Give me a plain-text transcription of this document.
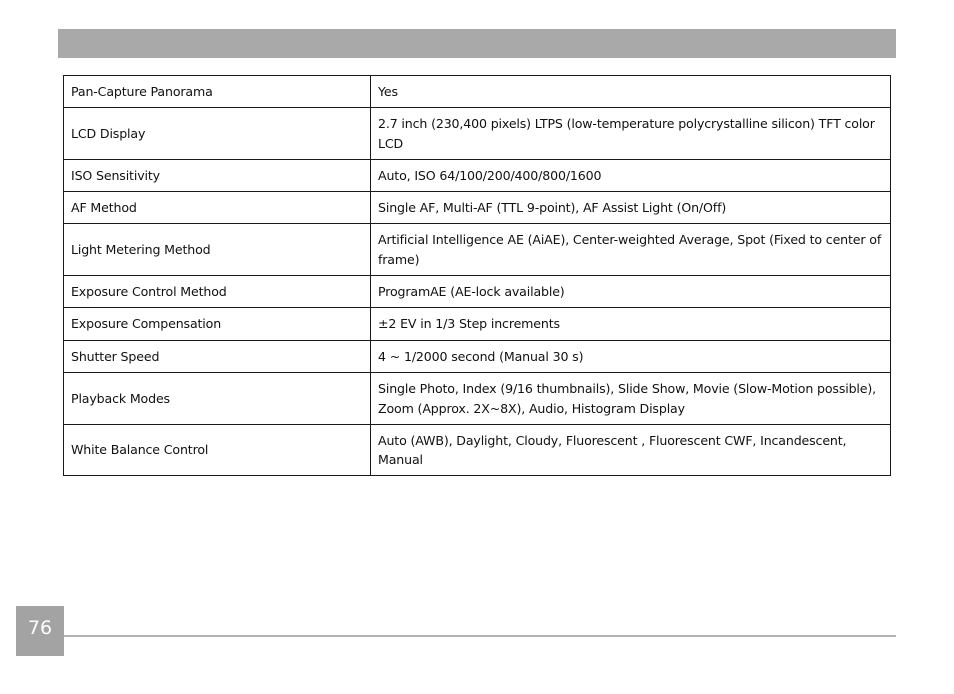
Pan-Capture Panorama	Yes
LCD Display	2.7 inch (230,400 pixels) LTPS (low-temperature polycrystalline silicon) TFT color LCD
ISO Sensitivity	Auto, ISO 64/100/200/400/800/1600
AF Method	Single AF, Multi-AF (TTL 9-point), AF Assist Light (On/Off)
Light Metering Method	Artificial Intelligence AE (AiAE), Center-weighted Average, Spot (Fixed to center of frame)
Exposure Control Method	ProgramAE (AE-lock available)
Exposure Compensation	±2 EV in 1/3 Step increments
Shutter Speed	4 ~ 1/2000 second (Manual 30 s)
Playback Modes	Single Photo, Index (9/16 thumbnails), Slide Show, Movie (Slow-Motion possible), Zoom (Approx. 2X~8X), Audio, Histogram Display
White Balance Control	Auto (AWB), Daylight, Cloudy, Fluorescent , Fluorescent CWF, Incandescent, Manual
76
